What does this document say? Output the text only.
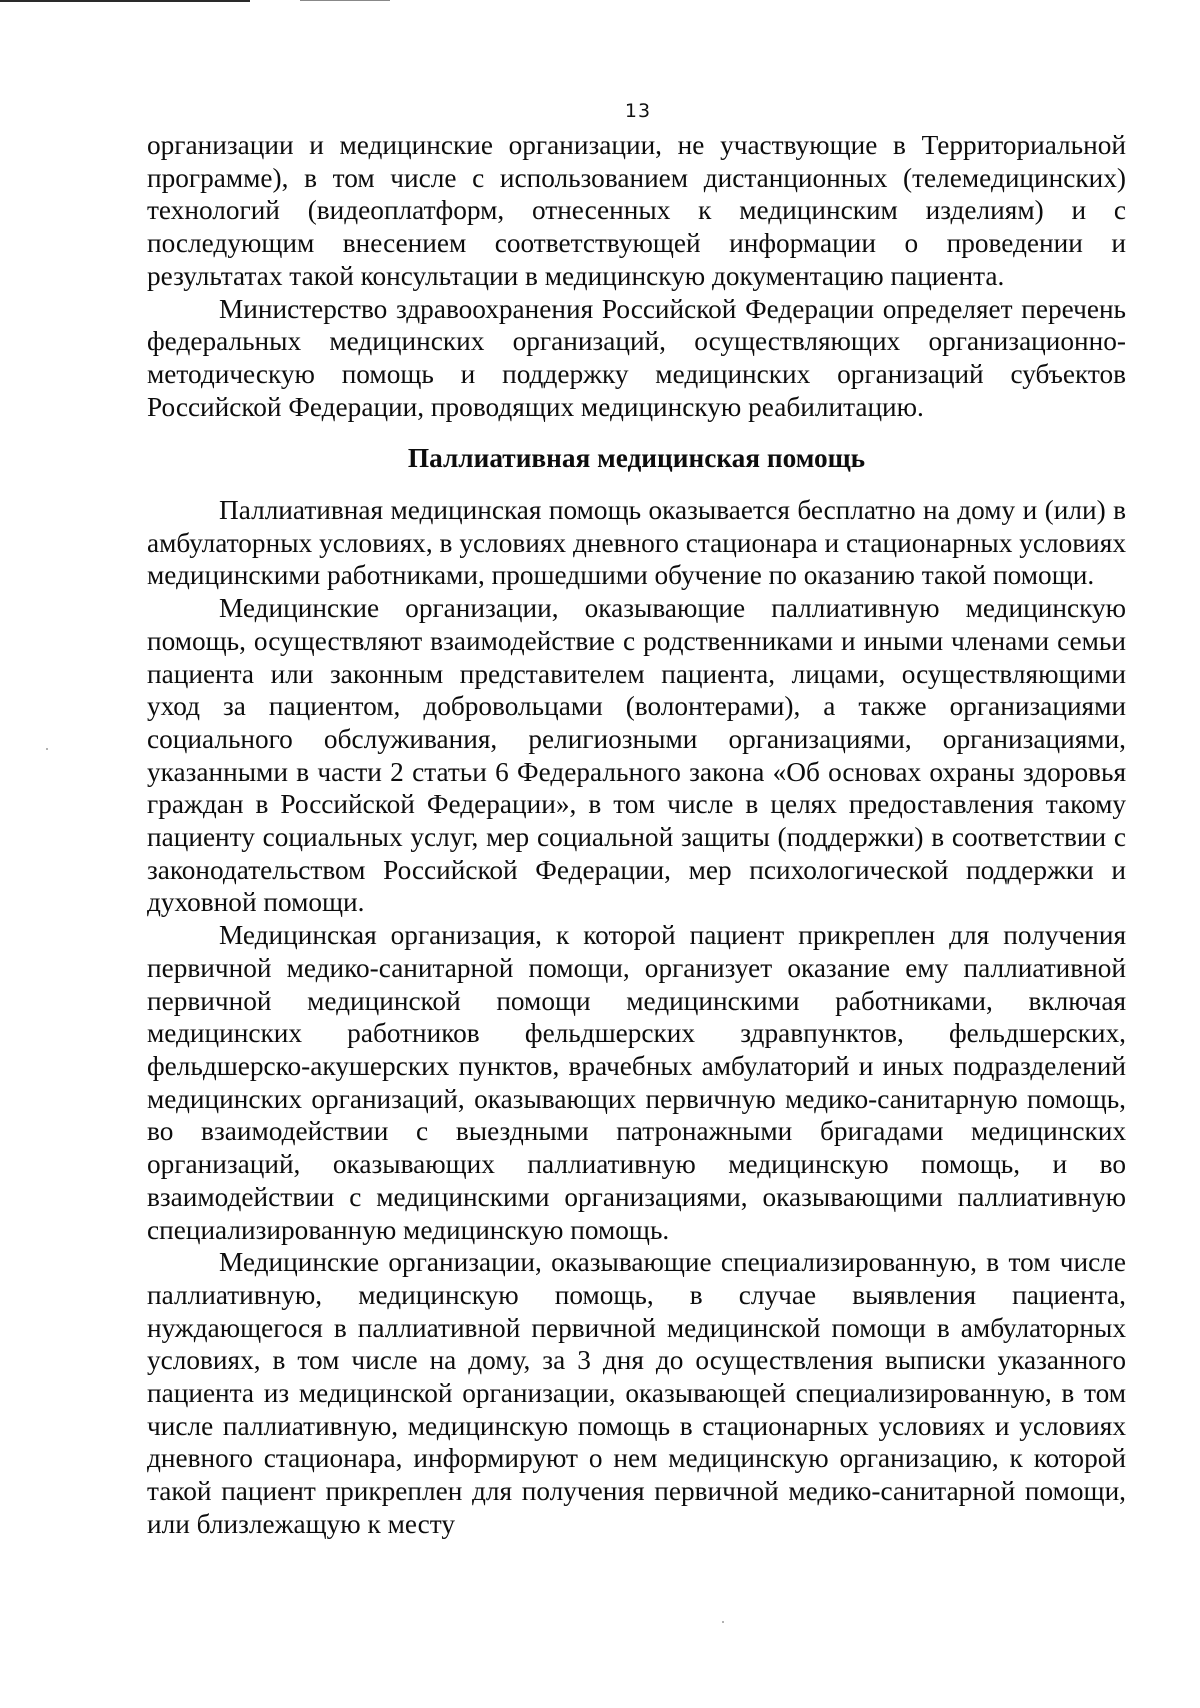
13

организации и медицинские организации, не участвующие в Территориальной программе), в том числе с использованием дистанционных (телемедицинских) технологий (видеоплатформ, отнесенных к медицинским изделиям) и с последующим внесением соответствующей информации о проведении и результатах такой консультации в медицинскую документацию пациента.

Министерство здравоохранения Российской Федерации определяет перечень федеральных медицинских организаций, осуществляющих организационно-методическую помощь и поддержку медицинских организаций субъектов Российской Федерации, проводящих медицинскую реабилитацию.

Паллиативная медицинская помощь

Паллиативная медицинская помощь оказывается бесплатно на дому и (или) в амбулаторных условиях, в условиях дневного стационара и стационарных условиях медицинскими работниками, прошедшими обучение по оказанию такой помощи.

Медицинские организации, оказывающие паллиативную медицинскую помощь, осуществляют взаимодействие с родственниками и иными членами семьи пациента или законным представителем пациента, лицами, осуществляющими уход за пациентом, добровольцами (волонтерами), а также организациями социального обслуживания, религиозными организациями, организациями, указанными в части 2 статьи 6 Федерального закона «Об основах охраны здоровья граждан в Российской Федерации», в том числе в целях предоставления такому пациенту социальных услуг, мер социальной защиты (поддержки) в соответствии с законодательством Российской Федерации, мер психологической поддержки и духовной помощи.

Медицинская организация, к которой пациент прикреплен для получения первичной медико-санитарной помощи, организует оказание ему паллиативной первичной медицинской помощи медицинскими работниками, включая медицинских работников фельдшерских здравпунктов, фельдшерских, фельдшерско-акушерских пунктов, врачебных амбулаторий и иных подразделений медицинских организаций, оказывающих первичную медико-санитарную помощь, во взаимодействии с выездными патронажными бригадами медицинских организаций, оказывающих паллиативную медицинскую помощь, и во взаимодействии с медицинскими организациями, оказывающими паллиативную специализированную медицинскую помощь.

Медицинские организации, оказывающие специализированную, в том числе паллиативную, медицинскую помощь, в случае выявления пациента, нуждающегося в паллиативной первичной медицинской помощи в амбулаторных условиях, в том числе на дому, за 3 дня до осуществления выписки указанного пациента из медицинской организации, оказывающей специализированную, в том числе паллиативную, медицинскую помощь в стационарных условиях и условиях дневного стационара, информируют о нем медицинскую организацию, к которой такой пациент прикреплен для получения первичной медико-санитарной помощи, или близлежащую к месту
